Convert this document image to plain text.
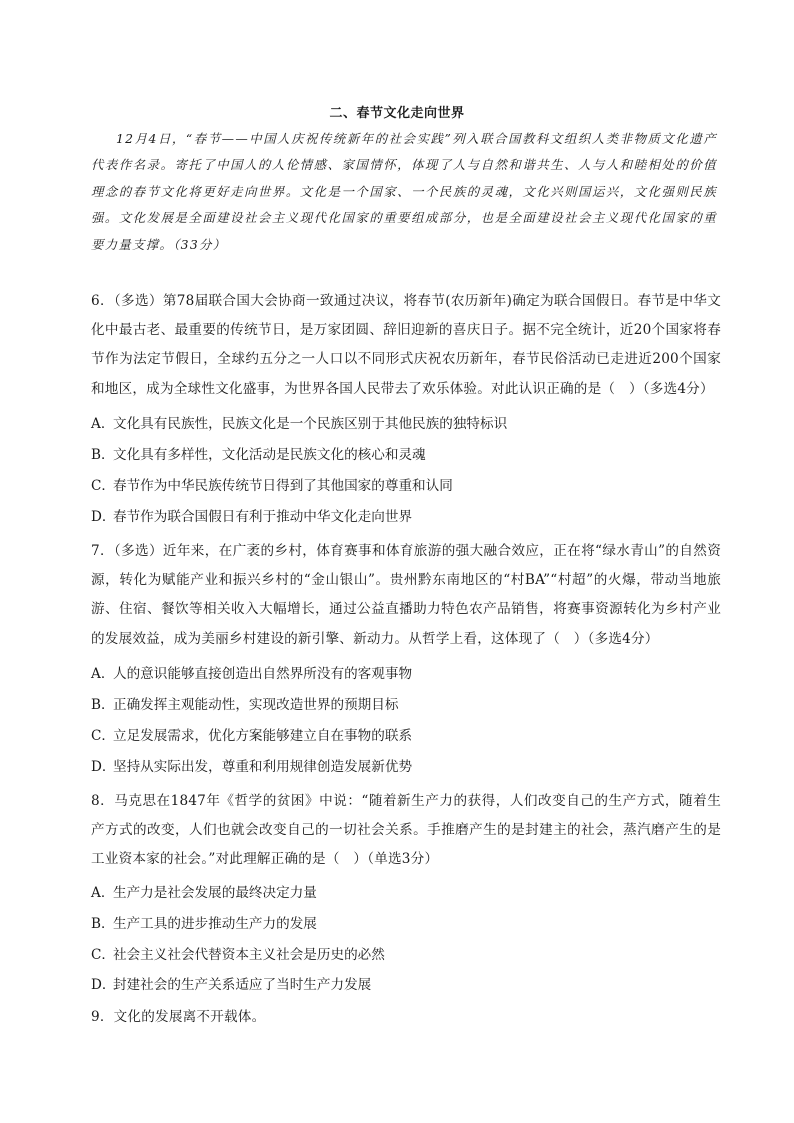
二、春节文化走向世界
12月4日，“春节——中国人庆祝传统新年的社会实践”列入联合国教科文组织人类非物质文化遗产代表作名录。寄托了中国人的人伦情感、家国情怀，体现了人与自然和谐共生、人与人和睦相处的价值理念的春节文化将更好走向世界。文化是一个国家、一个民族的灵魂，文化兴则国运兴，文化强则民族强。文化发展是全面建设社会主义现代化国家的重要组成部分，也是全面建设社会主义现代化国家的重要力量支撑。（33分）
6．（多选）第78届联合国大会协商一致通过决议，将春节(农历新年)确定为联合国假日。春节是中华文化中最古老、最重要的传统节日，是万家团圆、辞旧迎新的喜庆日子。据不完全统计，近20个国家将春节作为法定节假日，全球约五分之一人口以不同形式庆祝农历新年，春节民俗活动已走进近200个国家和地区，成为全球性文化盛事，为世界各国人民带去了欢乐体验。对此认识正确的是（　）（多选4分）
A．文化具有民族性，民族文化是一个民族区别于其他民族的独特标识
B．文化具有多样性，文化活动是民族文化的核心和灵魂
C．春节作为中华民族传统节日得到了其他国家的尊重和认同
D．春节作为联合国假日有利于推动中华文化走向世界
7．（多选）近年来，在广袤的乡村，体育赛事和体育旅游的强大融合效应，正在将“绿水青山”的自然资源，转化为赋能产业和振兴乡村的“金山银山”。贵州黔东南地区的“村BA”“村超”的火爆，带动当地旅游、住宿、餐饮等相关收入大幅增长，通过公益直播助力特色农产品销售，将赛事资源转化为乡村产业的发展效益，成为美丽乡村建设的新引擎、新动力。从哲学上看，这体现了（　）（多选4分）
A．人的意识能够直接创造出自然界所没有的客观事物
B．正确发挥主观能动性，实现改造世界的预期目标
C．立足发展需求，优化方案能够建立自在事物的联系
D．坚持从实际出发，尊重和利用规律创造发展新优势
8．马克思在1847年《哲学的贫困》中说：“随着新生产力的获得，人们改变自己的生产方式，随着生产方式的改变，人们也就会改变自己的一切社会关系。手推磨产生的是封建主的社会，蒸汽磨产生的是工业资本家的社会。”对此理解正确的是（　）（单选3分）
A．生产力是社会发展的最终决定力量
B．生产工具的进步推动生产力的发展
C．社会主义社会代替资本主义社会是历史的必然
D．封建社会的生产关系适应了当时生产力发展
9．文化的发展离不开载体。
